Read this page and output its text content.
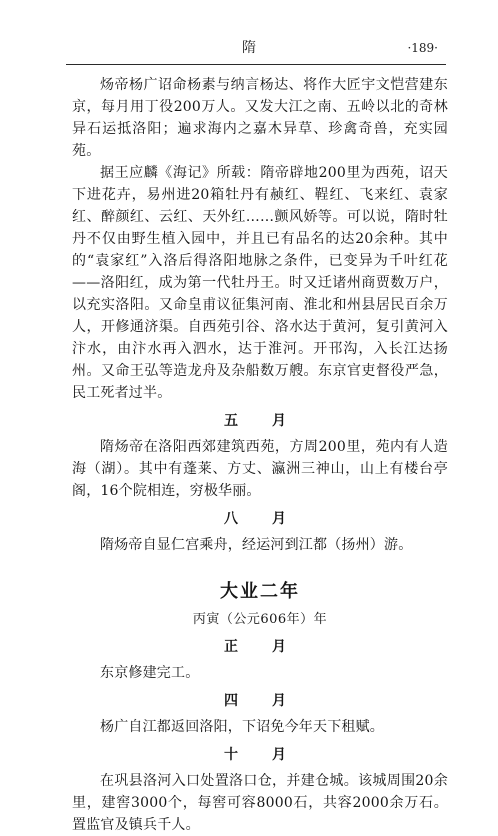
隋	·189·

炀帝杨广诏命杨素与纳言杨达、将作大匠宇文恺营建东京，每月用丁役200万人。又发大江之南、五岭以北的奇林异石运抵洛阳；遍求海内之嘉木异草、珍禽奇兽，充实园苑。

据王应麟《海记》所载：隋帝辟地200里为西苑，诏天下进花卉，易州进20箱牡丹有赪红、鞓红、飞来红、袁家红、醉颜红、云红、天外红……颤风娇等。可以说，隋时牡丹不仅由野生植入园中，并且已有品名的达20余种。其中的“袁家红”入洛后得洛阳地脉之条件，已变异为千叶红花——洛阳红，成为第一代牡丹王。时又迁诸州商贾数万户，以充实洛阳。又命皇甫议征集河南、淮北和州县居民百余万人，开修通济渠。自西苑引谷、洛水达于黄河，复引黄河入汴水，由汴水再入泗水，达于淮河。开邗沟，入长江达扬州。又命王弘等造龙舟及杂船数万艘。东京官吏督役严急，民工死者过半。

五　月

隋炀帝在洛阳西郊建筑西苑，方周200里，苑内有人造海（湖）。其中有蓬莱、方丈、瀛洲三神山，山上有楼台亭阁，16个院相连，穷极华丽。

八　月

隋炀帝自显仁宫乘舟，经运河到江都（扬州）游。

大业二年
丙寅（公元606年）年
正　月

东京修建完工。

四　月

杨广自江都返回洛阳，下诏免今年天下租赋。

十　月

在巩县洛河入口处置洛口仓，并建仓城。该城周围20余里，建窖3000个，每窖可容8000石，共容2000余万石。置监官及镇兵千人。
